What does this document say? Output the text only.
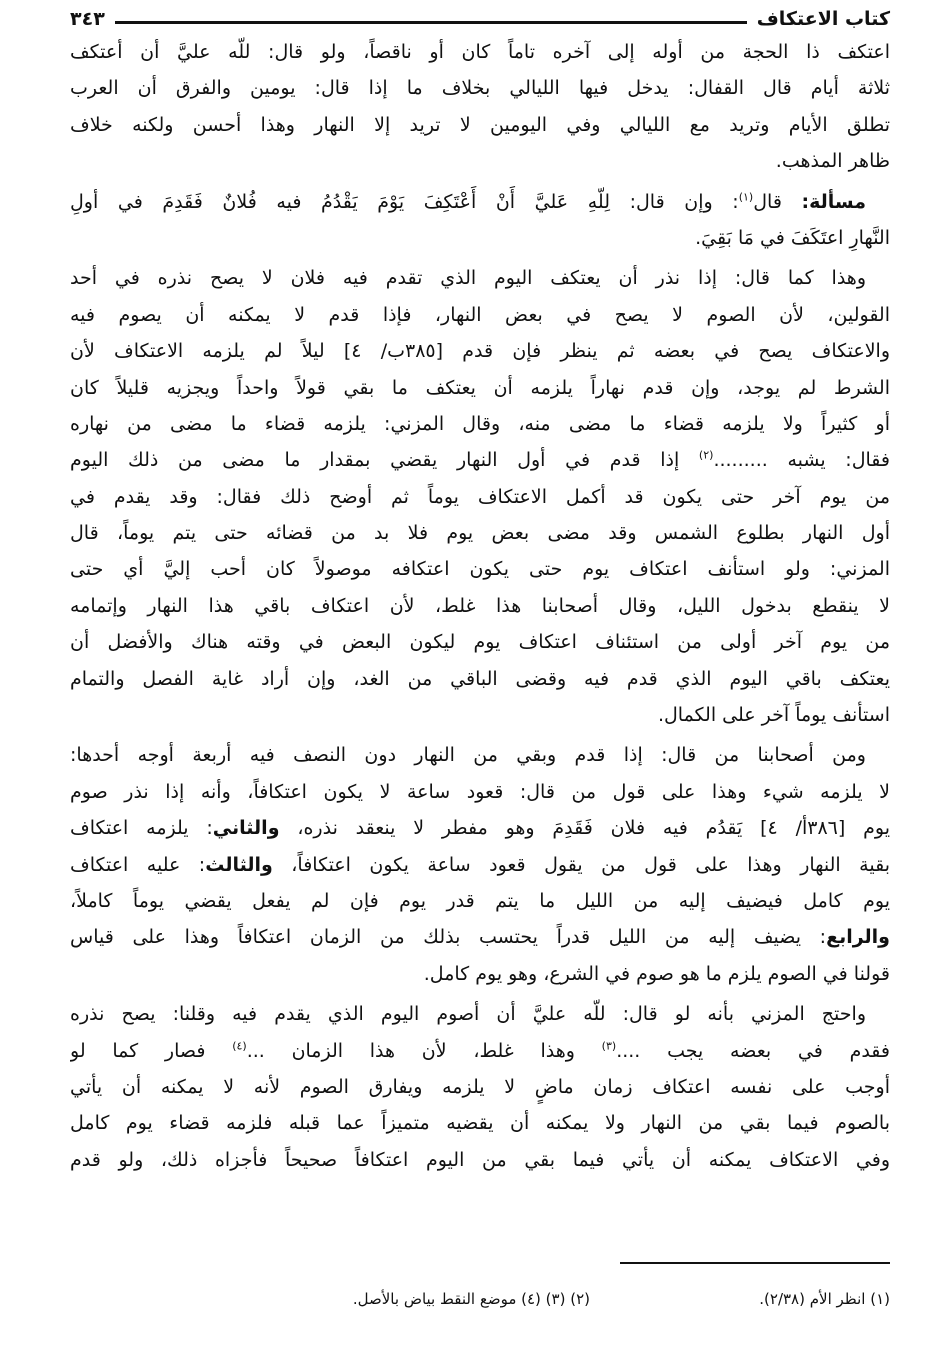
كتاب الاعتكاف
٣٤٣
اعتكف ذا الحجة من أوله إلى آخره تاماً كان أو ناقصاً، ولو قال: للّه عليَّ أن أعتكف
ثلاثة أيام قال القفال: يدخل فيها الليالي بخلاف ما إذا قال: يومين والفرق أن العرب
تطلق الأيام وتريد مع الليالي وفي اليومين لا تريد إلا النهار وهذا أحسن ولكنه خلاف
ظاهر المذهب.
مسألة: قال$^{(١)}$: وإن قال: لِلّهِ عَليَّ أَنْ أَعْتَكِفَ يَوْمَ يَقْدُمُ فيه فُلانٌ فَقَدِمَ في أولِ
النَّهارِ اعتَكَفَ في مَا بَقِيَ.
وهذا كما قال: إذا نذر أن يعتكف اليوم الذي تقدم فيه فلان لا يصح نذره في أحد
القولين، لأن الصوم لا يصح في بعض النهار، فإذا قدم لا يمكنه أن يصوم فيه
والاعتكاف يصح في بعضه ثم ينظر فإن قدم [٣٨٥ب/ ٤] ليلاً لم يلزمه الاعتكاف لأن
الشرط لم يوجد، وإن قدم نهاراً يلزمه أن يعتكف ما بقي قولاً واحداً ويجزيه قليلاً كان
أو كثيراً ولا يلزمه قضاء ما مضى منه، وقال المزني: يلزمه قضاء ما مضى من نهاره
فقال: يشبه .........$^{(٢)}$ إذا قدم في أول النهار يقضي بمقدار ما مضى من ذلك اليوم
من يوم آخر حتى يكون قد أكمل الاعتكاف يوماً ثم أوضح ذلك فقال: وقد يقدم في
أول النهار بطلوع الشمس وقد مضى بعض يوم فلا بد من قضائه حتى يتم يوماً، قال
المزني: ولو استأنف اعتكاف يوم حتى يكون اعتكافه موصولاً كان أحب إليَّ أي حتى
لا ينقطع بدخول الليل، وقال أصحابنا هذا غلط، لأن اعتكاف باقي هذا النهار وإتمامه
من يوم آخر أولى من استئناف اعتكاف يوم ليكون البعض في وقته هناك والأفضل أن
يعتكف باقي اليوم الذي قدم فيه وقضى الباقي من الغد، وإن أراد غاية الفصل والتمام
استأنف يوماً آخر على الكمال.
ومن أصحابنا من قال: إذا قدم وبقي من النهار دون النصف فيه أربعة أوجه أحدها:
لا يلزمه شيء وهذا على قول من قال: قعود ساعة لا يكون اعتكافاً، وأنه إذا نذر صوم
يوم [٣٨٦أ/ ٤] يَقدُم فيه فلان فَقَدِمَ وهو مفطر لا ينعقد نذره، والثاني: يلزمه اعتكاف
بقية النهار وهذا على قول من يقول قعود ساعة يكون اعتكافاً، والثالث: عليه اعتكاف
يوم كامل فيضيف إليه من الليل ما يتم قدر يوم فإن لم يفعل يقضي يوماً كاملاً،
والرابع: يضيف إليه من الليل قدراً يحتسب بذلك من الزمان اعتكافاً وهذا على قياس
قولنا في الصوم يلزم ما هو صوم في الشرع، وهو يوم كامل.
واحتج المزني بأنه لو قال: للّه عليَّ أن أصوم اليوم الذي يقدم فيه وقلنا: يصح نذره
فقدم في بعضه يجب ....$^{(٣)}$ وهذا غلط، لأن هذا الزمان ...$^{(٤)}$ فصار كما لو
أوجب على نفسه اعتكاف زمان ماضٍ لا يلزمه ويفارق الصوم لأنه لا يمكنه أن يأتي
بالصوم فيما بقي من النهار ولا يمكنه أن يقضيه متميزاً عما قبله فلزمه قضاء يوم كامل
وفي الاعتكاف يمكنه أن يأتي فيما بقي من اليوم اعتكافاً صحيحاً فأجزاه ذلك، ولو قدم
(١) انظر الأم (٢/٣٨).
(٢) (٣) (٤) موضع النقط بياض بالأصل.
